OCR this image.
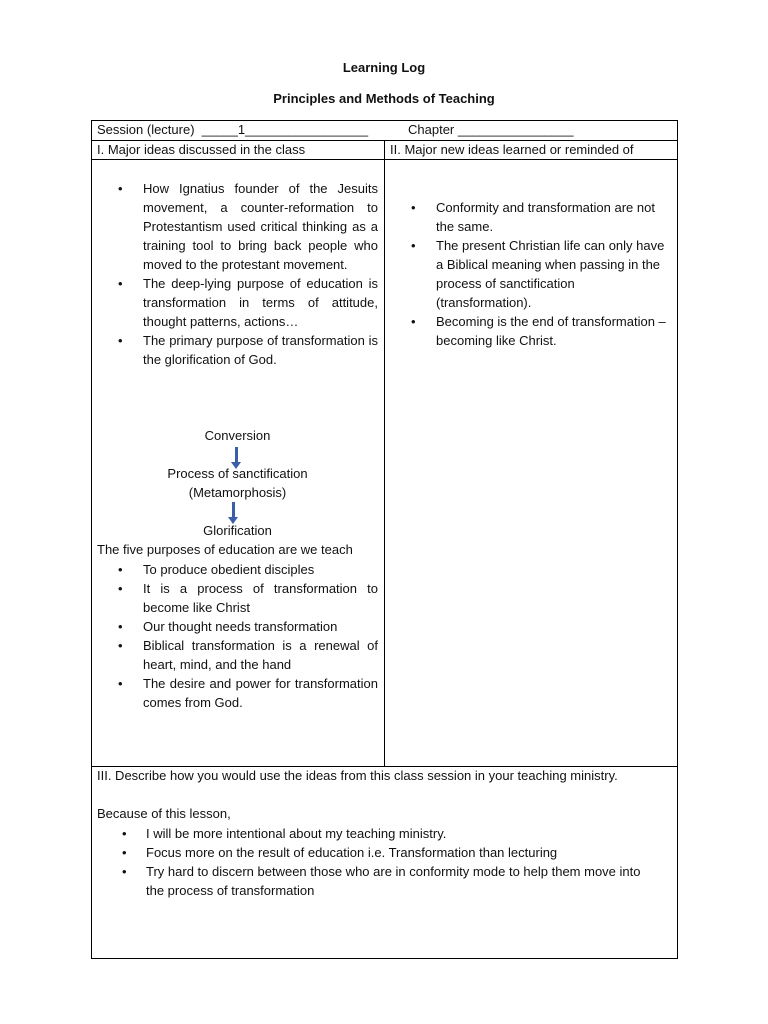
Learning Log
Principles and Methods of Teaching
Session (lecture)  _____1_________________	Chapter ________________
I. Major ideas discussed in the class	II. Major new ideas learned or reminded of
• How Ignatius founder of the Jesuits movement, a counter-reformation to Protestantism used critical thinking as a training tool to bring back people who moved to the protestant movement.
• The deep-lying purpose of education is transformation in terms of attitude, thought patterns, actions…
• The primary purpose of transformation is the glorification of God.
Conversion
Process of sanctification
(Metamorphosis)
Glorification
The five purposes of education are we teach
• To produce obedient disciples
• It is a process of transformation to become like Christ
• Our thought needs transformation
• Biblical transformation is a renewal of heart, mind, and the hand
• The desire and power for transformation comes from God.
• Conformity and transformation are not the same.
• The present Christian life can only have a Biblical meaning when passing in the process of sanctification (transformation).
• Becoming is the end of transformation – becoming like Christ.
III. Describe how you would use the ideas from this class session in your teaching ministry.
Because of this lesson,
• I will be more intentional about my teaching ministry.
• Focus more on the result of education i.e. Transformation than lecturing
• Try hard to discern between those who are in conformity mode to help them move into the process of transformation
